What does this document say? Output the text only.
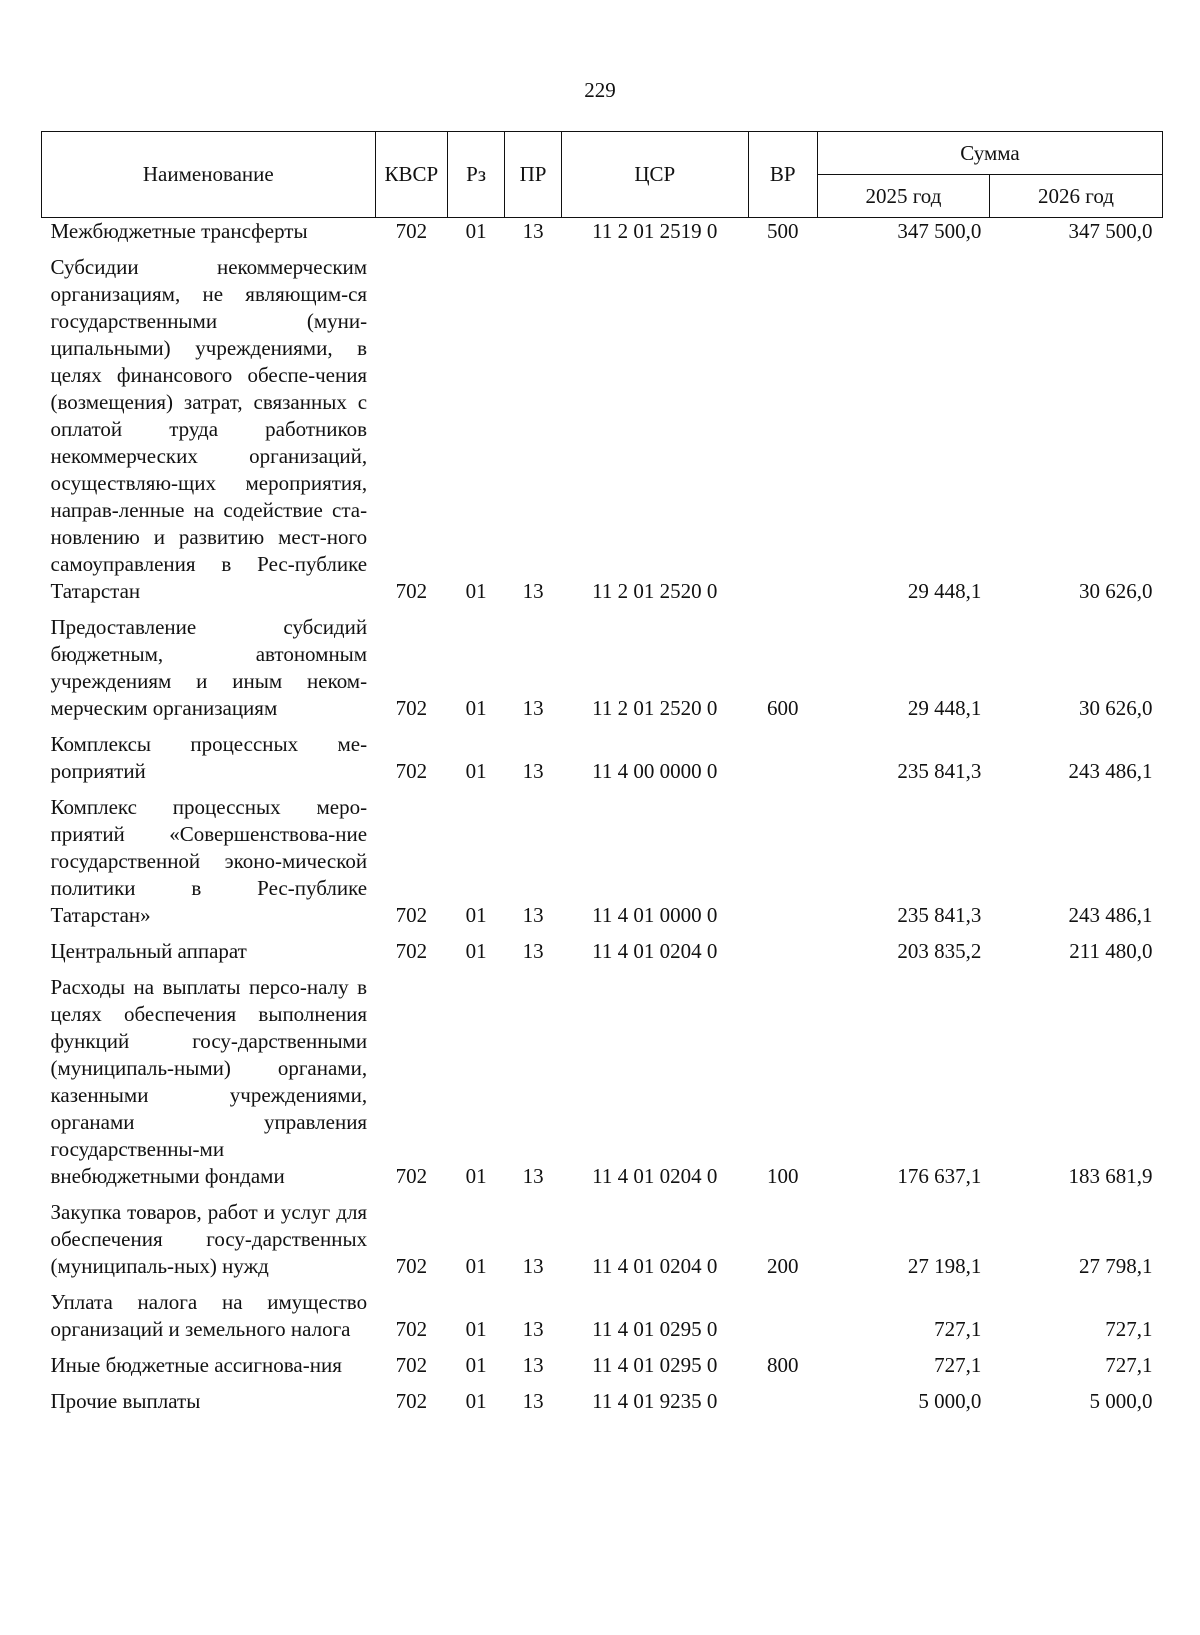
229
Наименование	КВСР	Рз	ПР	ЦСР	ВР	Сумма	
						2025 год	2026 год
Межбюджетные трансферты	702	01	13	11 2 01 2519 0	500	347 500,0	347 500,0
Субсидии некоммерческим организациям, не являющим-ся государственными (муни-ципальными) учреждениями, в целях финансового обеспе-чения (возмещения) затрат, связанных с оплатой труда работников некоммерческих организаций, осуществляю-щих мероприятия, направ-ленные на содействие ста-новлению и развитию мест-ного самоуправления в Рес-публике Татарстан	702	01	13	11 2 01 2520 0		29 448,1	30 626,0
Предоставление субсидий бюджетным, автономным учреждениям и иным неком-мерческим организациям	702	01	13	11 2 01 2520 0	600	29 448,1	30 626,0
Комплексы процессных ме-роприятий	702	01	13	11 4 00 0000 0		235 841,3	243 486,1
Комплекс процессных меро-приятий «Совершенствова-ние государственной эконо-мической политики в Рес-публике Татарстан»	702	01	13	11 4 01 0000 0		235 841,3	243 486,1
Центральный аппарат	702	01	13	11 4 01 0204 0		203 835,2	211 480,0
Расходы на выплаты персо-налу в целях обеспечения выполнения функций госу-дарственными (муниципаль-ными) органами, казенными учреждениями, органами управления государственны-ми внебюджетными фондами	702	01	13	11 4 01 0204 0	100	176 637,1	183 681,9
Закупка товаров, работ и услуг для обеспечения госу-дарственных (муниципаль-ных) нужд	702	01	13	11 4 01 0204 0	200	27 198,1	27 798,1
Уплата налога на имущество организаций и земельного налога	702	01	13	11 4 01 0295 0		727,1	727,1
Иные бюджетные ассигнова-ния	702	01	13	11 4 01 0295 0	800	727,1	727,1
Прочие выплаты	702	01	13	11 4 01 9235 0		5 000,0	5 000,0
